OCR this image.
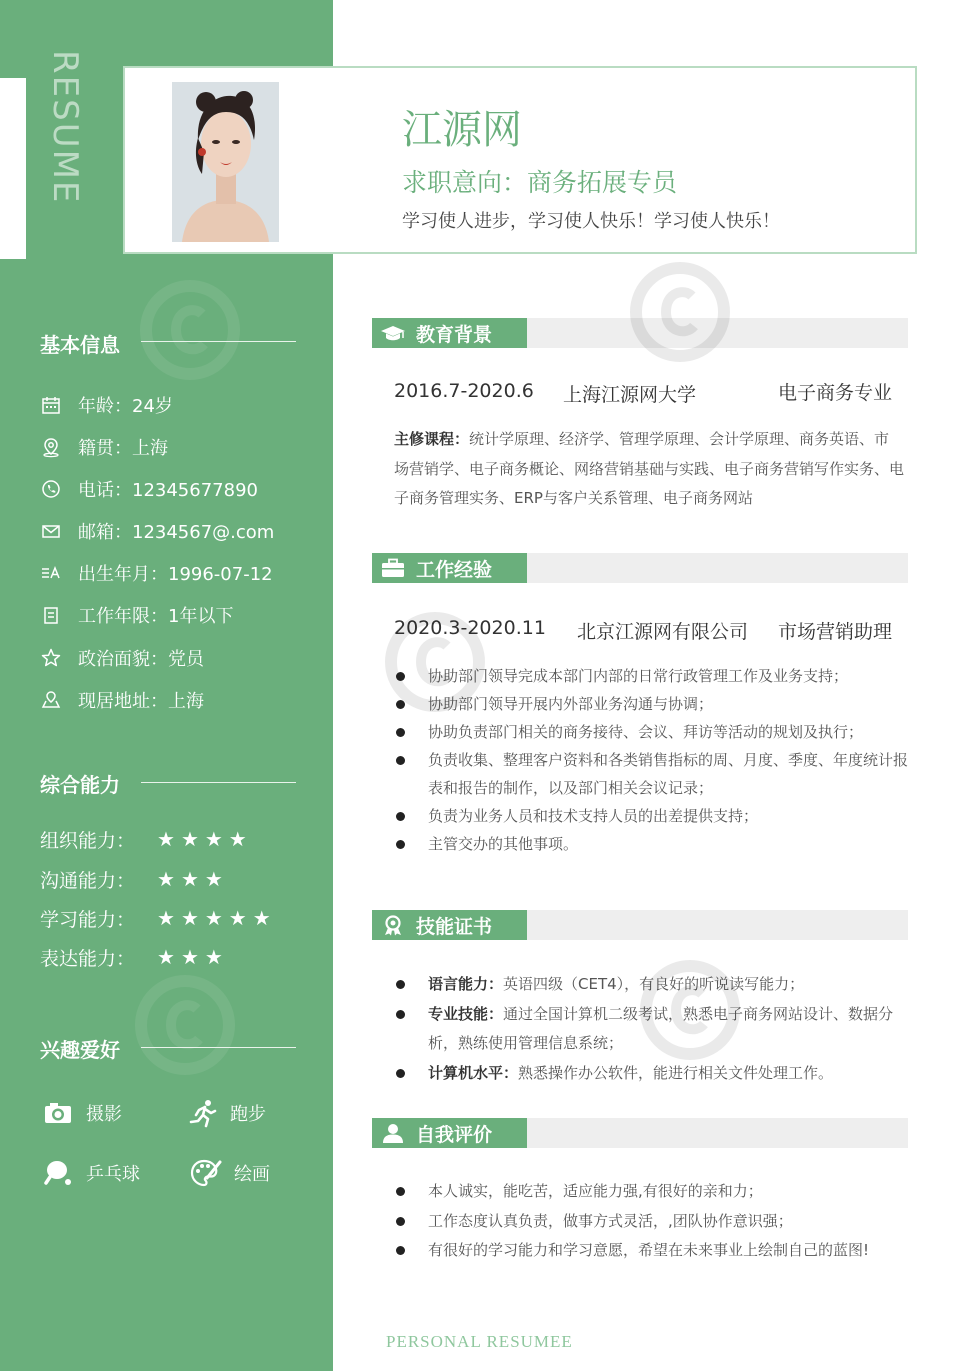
RESUME	江源网
求职意向：商务拓展专员
学习使人进步，学习使人快乐！学习使人快乐！
基本信息
年龄：24岁
籍贯：上海
电话：12345677890
邮箱：1234567@.com
出生年月：1996-07-12
工作年限：1年以下
政治面貌：党员
现居地址：上海
综合能力
组织能力： ★★★★
沟通能力： ★★★
学习能力： ★★★★★
表达能力： ★★★
兴趣爱好
摄影	跑步
乒乓球	绘画
教育背景
2016.7-2020.6 上海江源网大学	电子商务专业
主修课程：统计学原理、经济学、管理学原理、会计学原理、商务英语、市场营销学、电子商务概论、网络营销基础与实践、电子商务营销写作实务、电子商务管理实务、ERP与客户关系管理、电子商务网站
工作经验
2020.3-2020.11 北京江源网有限公司 市场营销助理
协助部门领导完成本部门内部的日常行政管理工作及业务支持；
协助部门领导开展内外部业务沟通与协调；
协助负责部门相关的商务接待、会议、拜访等活动的规划及执行；
负责收集、整理客户资料和各类销售指标的周、月度、季度、年度统计报表和报告的制作，以及部门相关会议记录；
负责为业务人员和技术支持人员的出差提供支持；
主管交办的其他事项。
技能证书
语言能力：英语四级（CET4），有良好的听说读写能力；
专业技能：通过全国计算机二级考试，熟悉电子商务网站设计、数据分析，熟练使用管理信息系统；
计算机水平：熟悉操作办公软件，能进行相关文件处理工作。
自我评价
本人诚实，能吃苦，适应能力强,有很好的亲和力；
工作态度认真负责，做事方式灵活，,团队协作意识强；
有很好的学习能力和学习意愿，希望在未来事业上绘制自己的蓝图!
PERSONAL RESUMEE
